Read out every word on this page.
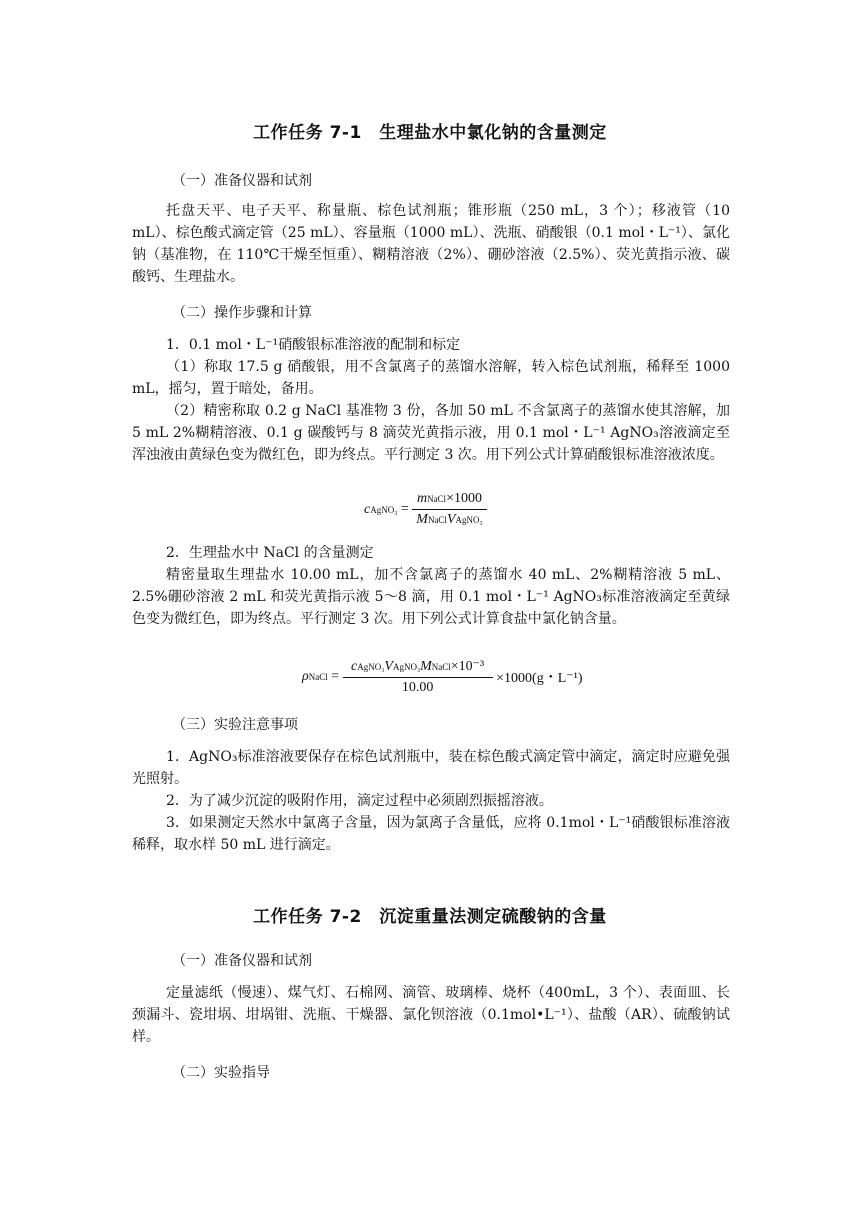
工作任务 7-1　生理盐水中氯化钠的含量测定

（一）准备仪器和试剂

托盘天平、电子天平、称量瓶、棕色试剂瓶；锥形瓶（250 mL，3 个）；移液管（10 mL）、棕色酸式滴定管（25 mL）、容量瓶（1000 mL）、洗瓶、硝酸银（0.1 mol・L⁻¹）、氯化钠（基准物，在 110℃干燥至恒重）、糊精溶液（2%）、硼砂溶液（2.5%）、荧光黄指示液、碳酸钙、生理盐水。

（二）操作步骤和计算

1．0.1 mol・L⁻¹硝酸银标准溶液的配制和标定

（1）称取 17.5 g 硝酸银，用不含氯离子的蒸馏水溶解，转入棕色试剂瓶，稀释至 1000 mL，摇匀，置于暗处，备用。

（2）精密称取 0.2 g NaCl 基准物 3 份，各加 50 mL 不含氯离子的蒸馏水使其溶解，加 5 mL 2%糊精溶液、0.1 g 碳酸钙与 8 滴荧光黄指示液，用 0.1 mol・L⁻¹ AgNO₃溶液滴定至浑浊液由黄绿色变为微红色，即为终点。平行测定 3 次。用下列公式计算硝酸银标准溶液浓度。

cAgNO₃ = $\frac{\text{mNaCl×1000}}{\text{MNaClVAgNO₃}}$

2．生理盐水中 NaCl 的含量测定

精密量取生理盐水 10.00 mL，加不含氯离子的蒸馏水 40 mL、2%糊精溶液 5 mL、2.5%硼砂溶液 2 mL 和荧光黄指示液 5～8 滴，用 0.1 mol・L⁻¹ AgNO₃标准溶液滴定至黄绿色变为微红色，即为终点。平行测定 3 次。用下列公式计算食盐中氯化钠含量。

ρNaCl = $\frac{\text{cAgNO₃VAgNO₃MNaCl×10⁻³}}{10.00} \times 1000(g$・L⁻¹)

（三）实验注意事项

1．AgNO₃标准溶液要保存在棕色试剂瓶中，装在棕色酸式滴定管中滴定，滴定时应避免强光照射。

2．为了减少沉淀的吸附作用，滴定过程中必须剧烈振摇溶液。

3．如果测定天然水中氯离子含量，因为氯离子含量低，应将 0.1mol・L⁻¹硝酸银标准溶液稀释，取水样 50 mL 进行滴定。

工作任务 7-2　沉淀重量法测定硫酸钠的含量

（一）准备仪器和试剂

定量滤纸（慢速）、煤气灯、石棉网、滴管、玻璃棒、烧杯（400mL，3 个）、表面皿、长颈漏斗、瓷坩埚、坩埚钳、洗瓶、干燥器、氯化钡溶液（0.1mol•L⁻¹）、盐酸（AR）、硫酸钠试样。

（二）实验指导
